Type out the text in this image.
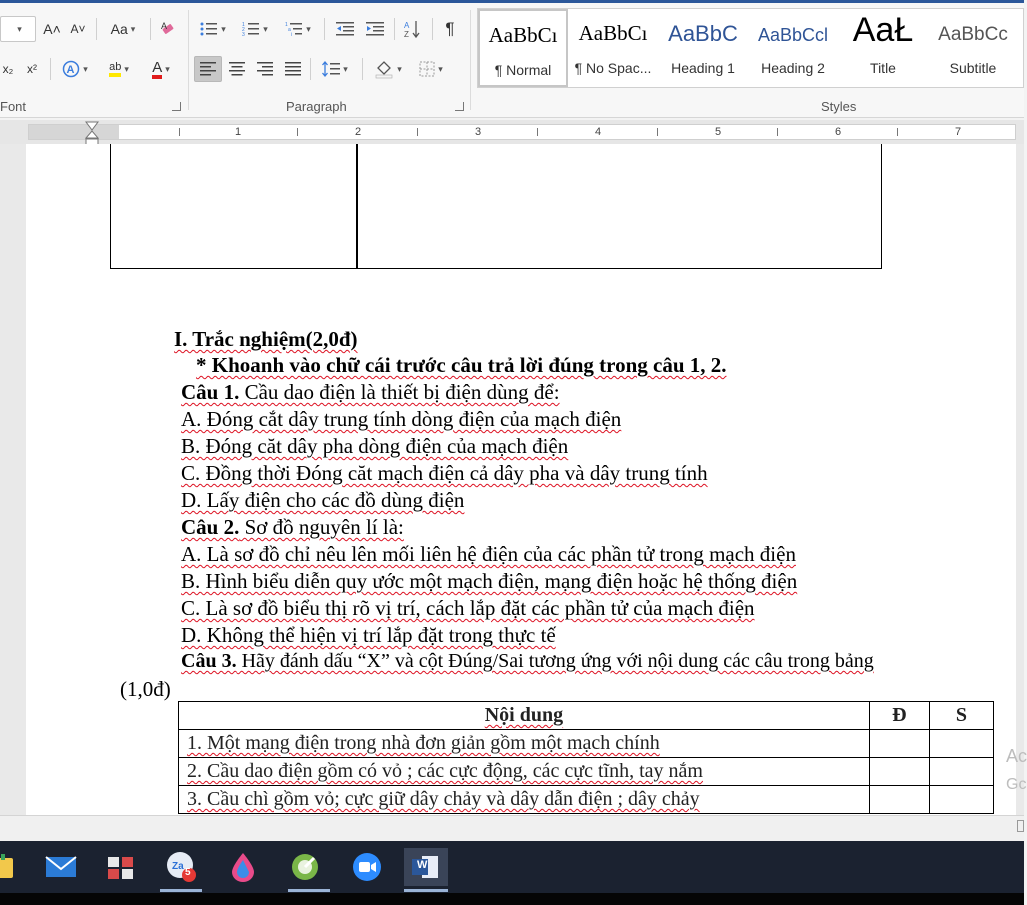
▾
A˄ A˅ Aa
▾	A
x₂ x²	A
▾	ab
▾ A
▾
Font
▾
1
2
3
▾
1
a
i
▾
A
Z ¶
▾
▾
▾
Paragraph
AaBbCı
¶ Normal
AaBbCı
¶ No Spac...
AaBbC
Heading 1
AaBbCcl
Heading 2
AaŁ
Title
AaBbCc
Subtitle
Styles
1	2	3	4	5	6	7
I. Trắc nghiệm(2,0đ)
* Khoanh vào chữ cái trước câu trả lời đúng trong câu 1, 2.
Câu 1. Cầu dao điện là thiết bị điện dùng để:
A. Đóng cắt dây trung tính dòng điện của mạch điện
B. Đóng căt dây pha dòng điện của mạch điện
C. Đồng thời Đóng căt mạch điện cả dây pha và dây trung tính
D. Lấy điện cho các đồ dùng điện
Câu 2. Sơ đồ nguyên lí là:
A. Là sơ đồ chỉ nêu lên mối liên hệ điện của các phần tử trong mạch điện
B. Hình biểu diễn quy ước một mạch điện, mạng điện hoặc hệ thống điện
C. Là sơ đồ biểu thị rõ vị trí, cách lắp đặt các phần tử của mạch điện
D. Không thể hiện vị trí lắp đặt trong thực tế
Câu 3. Hãy đánh dấu “X” và cột Đúng/Sai tương ứng với nội dung các câu trong bảng
(1,0đ)
Nội dung	Đ	S
1. Một mạng điện trong nhà đơn giản gồm một mạch chính		
2. Cầu dao điện gồm có vỏ ; các cực động, các cực tĩnh, tay nắm		
3. Cầu chì gồm vỏ; cực giữ dây chảy và dây dẫn điện ; dây chảy		
Ac
Gc
Za
5
W
